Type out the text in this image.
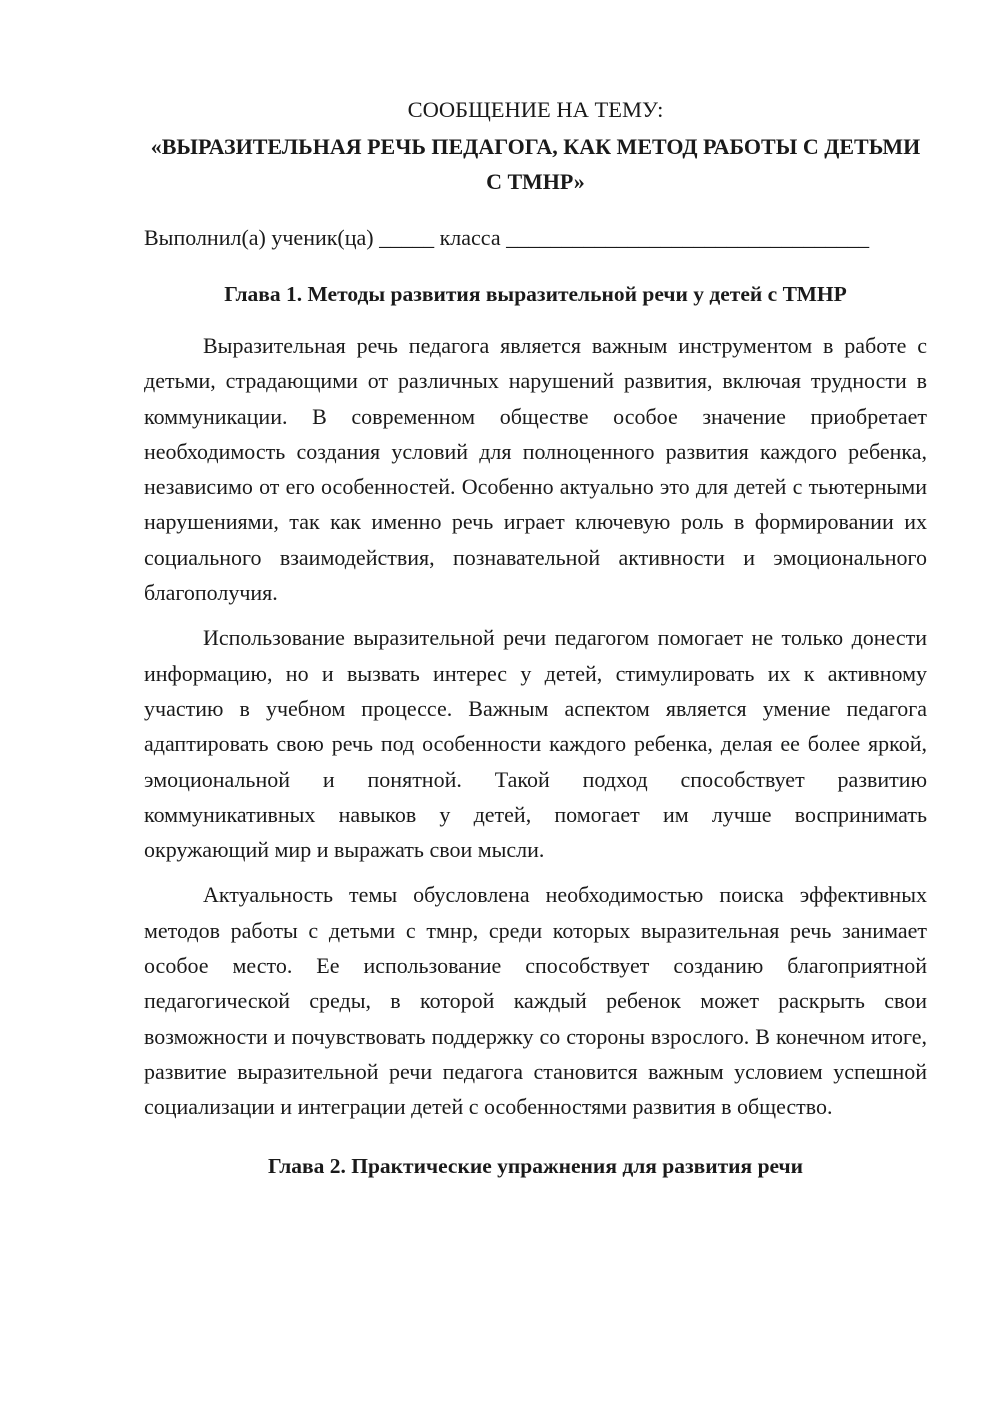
СООБЩЕНИЕ НА ТЕМУ:

«ВЫРАЗИТЕЛЬНАЯ РЕЧЬ ПЕДАГОГА, КАК МЕТОД РАБОТЫ С ДЕТЬМИ С ТМНР»

Выполнил(а) ученик(ца) _____ класса _________________________________

Глава 1. Методы развития выразительной речи у детей с ТМНР

Выразительная речь педагога является важным инструментом в работе с детьми, страдающими от различных нарушений развития, включая трудности в коммуникации. В современном обществе особое значение приобретает необходимость создания условий для полноценного развития каждого ребенка, независимо от его особенностей. Особенно актуально это для детей с тьютерными нарушениями, так как именно речь играет ключевую роль в формировании их социального взаимодействия, познавательной активности и эмоционального благополучия.

Использование выразительной речи педагогом помогает не только донести информацию, но и вызвать интерес у детей, стимулировать их к активному участию в учебном процессе. Важным аспектом является умение педагога адаптировать свою речь под особенности каждого ребенка, делая ее более яркой, эмоциональной и понятной. Такой подход способствует развитию коммуникативных навыков у детей, помогает им лучше воспринимать окружающий мир и выражать свои мысли.

Актуальность темы обусловлена необходимостью поиска эффективных методов работы с детьми с тмнр, среди которых выразительная речь занимает особое место. Ее использование способствует созданию благоприятной педагогической среды, в которой каждый ребенок может раскрыть свои возможности и почувствовать поддержку со стороны взрослого. В конечном итоге, развитие выразительной речи педагога становится важным условием успешной социализации и интеграции детей с особенностями развития в общество.

Глава 2. Практические упражнения для развития речи
